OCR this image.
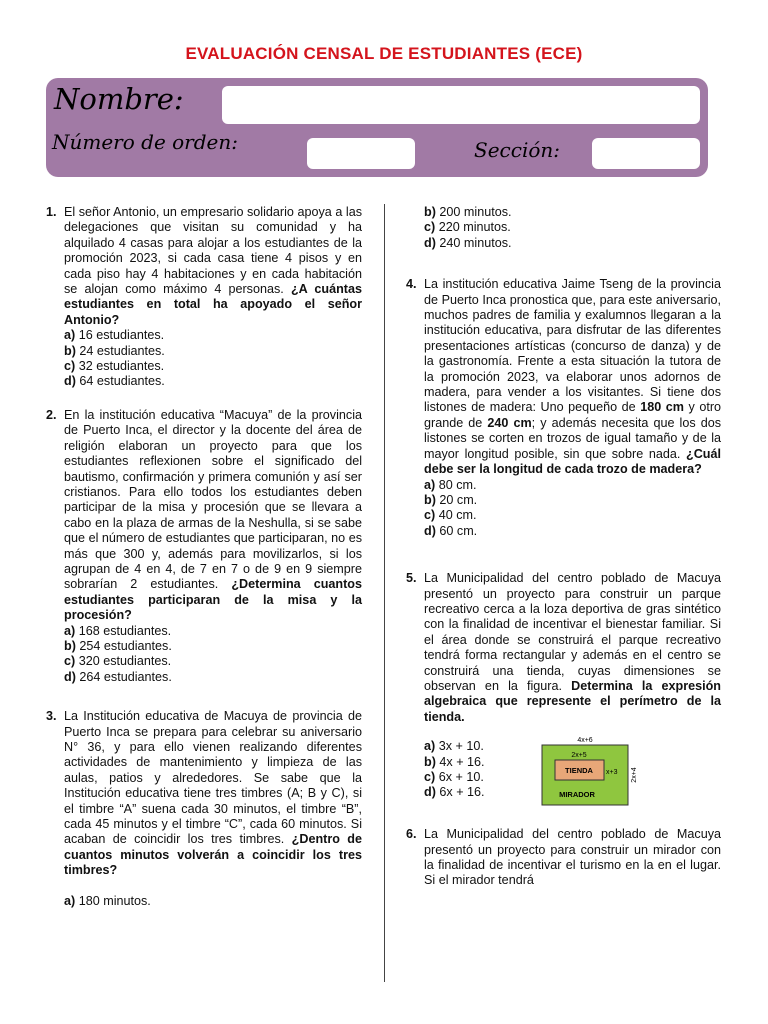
EVALUACIÓN CENSAL DE ESTUDIANTES (ECE)
Nombre:
Número de orden:	Sección:
1. El señor Antonio, un empresario solidario apoya a las delegaciones que visitan su comunidad y ha alquilado 4 casas para alojar a los estudiantes de la promoción 2023, si cada casa tiene 4 pisos y en cada piso hay 4 habitaciones y en cada habitación se alojan como máximo 4 personas. ¿A cuántas estudiantes en total ha apoyado el señor Antonio?
a) 16 estudiantes.
b) 24 estudiantes.
c) 32 estudiantes.
d) 64 estudiantes.
2. En la institución educativa “Macuya” de la provincia de Puerto Inca, el director y la docente del área de religión elaboran un proyecto para que los estudiantes reflexionen sobre el significado del bautismo, confirmación y primera comunión y así ser cristianos. Para ello todos los estudiantes deben participar de la misa y procesión que se llevara a cabo en la plaza de armas de la Neshulla, si se sabe que el número de estudiantes que participaran, no es más que 300 y, además para movilizarlos, si los agrupan de 4 en 4, de 7 en 7 o de 9 en 9 siempre sobrarían 2 estudiantes. ¿Determina cuantos estudiantes participaran de la misa y la procesión?
a) 168 estudiantes.
b) 254 estudiantes.
c) 320 estudiantes.
d) 264 estudiantes.
3. La Institución educativa de Macuya de provincia de Puerto Inca se prepara para celebrar su aniversario N° 36, y para ello vienen realizando diferentes actividades de mantenimiento y limpieza de las aulas, patios y alrededores. Se sabe que la Institución educativa tiene tres timbres (A; B y C), si el timbre “A” suena cada 30 minutos, el timbre “B”, cada 45 minutos y el timbre “C”, cada 60 minutos. Si acaban de coincidir los tres timbres. ¿Dentro de cuantos minutos volverán a coincidir los tres timbres?
a) 180 minutos.
b) 200 minutos.
c) 220 minutos.
d) 240 minutos.
4. La institución educativa Jaime Tseng de la provincia de Puerto Inca pronostica que, para este aniversario, muchos padres de familia y exalumnos llegaran a la institución educativa, para disfrutar de las diferentes presentaciones artísticas (concurso de danza) y de la gastronomía. Frente a esta situación la tutora de la promoción 2023, va elaborar unos adornos de madera, para vender a los visitantes. Si tiene dos listones de madera: Uno pequeño de 180 cm y otro grande de 240 cm; y además necesita que los dos listones se corten en trozos de igual tamaño y de la mayor longitud posible, sin que sobre nada. ¿Cuál debe ser la longitud de cada trozo de madera?
a) 80 cm.
b) 20 cm.
c) 40 cm.
d) 60 cm.
5. La Municipalidad del centro poblado de Macuya presentó un proyecto para construir un parque recreativo cerca a la loza deportiva de gras sintético con la finalidad de incentivar el bienestar familiar. Si el área donde se construirá el parque recreativo tendrá forma rectangular y además en el centro se construirá una tienda, cuyas dimensiones se observan en la figura. Determina la expresión algebraica que represente el perímetro de la tienda.
a) 3x + 10.
b) 4x + 16.
c) 6x + 10.
d) 6x + 16.
4x+6
2x+4
2x+5
x+3
TIENDA
MIRADOR
6. La Municipalidad del centro poblado de Macuya presentó un proyecto para construir un mirador con la finalidad de incentivar el turismo en la en el lugar. Si el mirador tendrá
